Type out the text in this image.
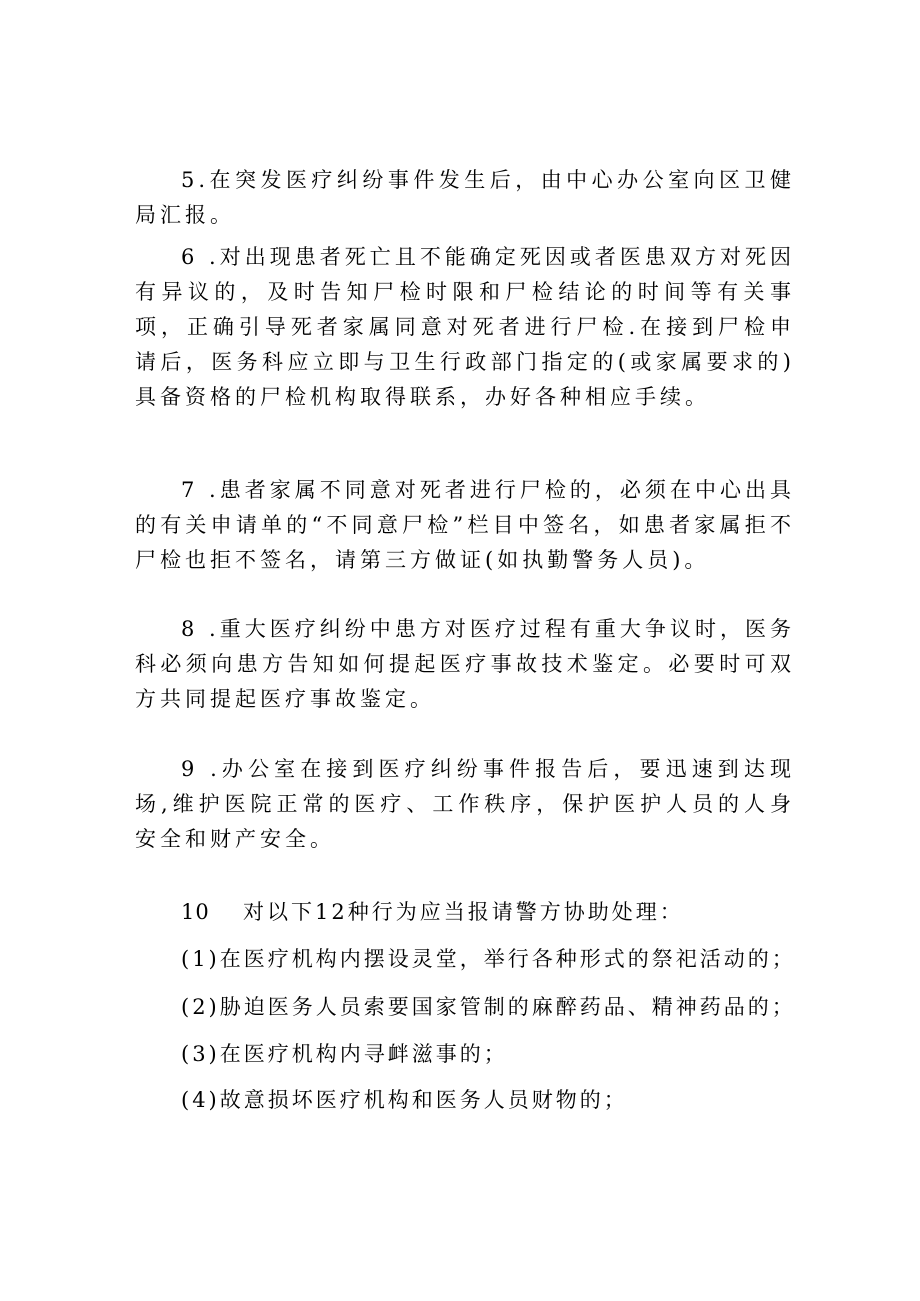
5.在突发医疗纠纷事件发生后，由中心办公室向区卫健局汇报。

6 .对出现患者死亡且不能确定死因或者医患双方对死因有异议的，及时告知尸检时限和尸检结论的时间等有关事项，正确引导死者家属同意对死者进行尸检.在接到尸检申请后，医务科应立即与卫生行政部门指定的(或家属要求的)具备资格的尸检机构取得联系，办好各种相应手续。

7 .患者家属不同意对死者进行尸检的，必须在中心出具的有关申请单的“不同意尸检”栏目中签名，如患者家属拒不尸检也拒不签名，请第三方做证(如执勤警务人员)。

8 .重大医疗纠纷中患方对医疗过程有重大争议时，医务科必须向患方告知如何提起医疗事故技术鉴定。必要时可双方共同提起医疗事故鉴定。

9 .办公室在接到医疗纠纷事件报告后，要迅速到达现场,维护医院正常的医疗、工作秩序，保护医护人员的人身安全和财产安全。

10 对以下12种行为应当报请警方协助处理：

(1)在医疗机构内摆设灵堂，举行各种形式的祭祀活动的；

(2)胁迫医务人员索要国家管制的麻醉药品、精神药品的；

(3)在医疗机构内寻衅滋事的；

(4)故意损坏医疗机构和医务人员财物的；
